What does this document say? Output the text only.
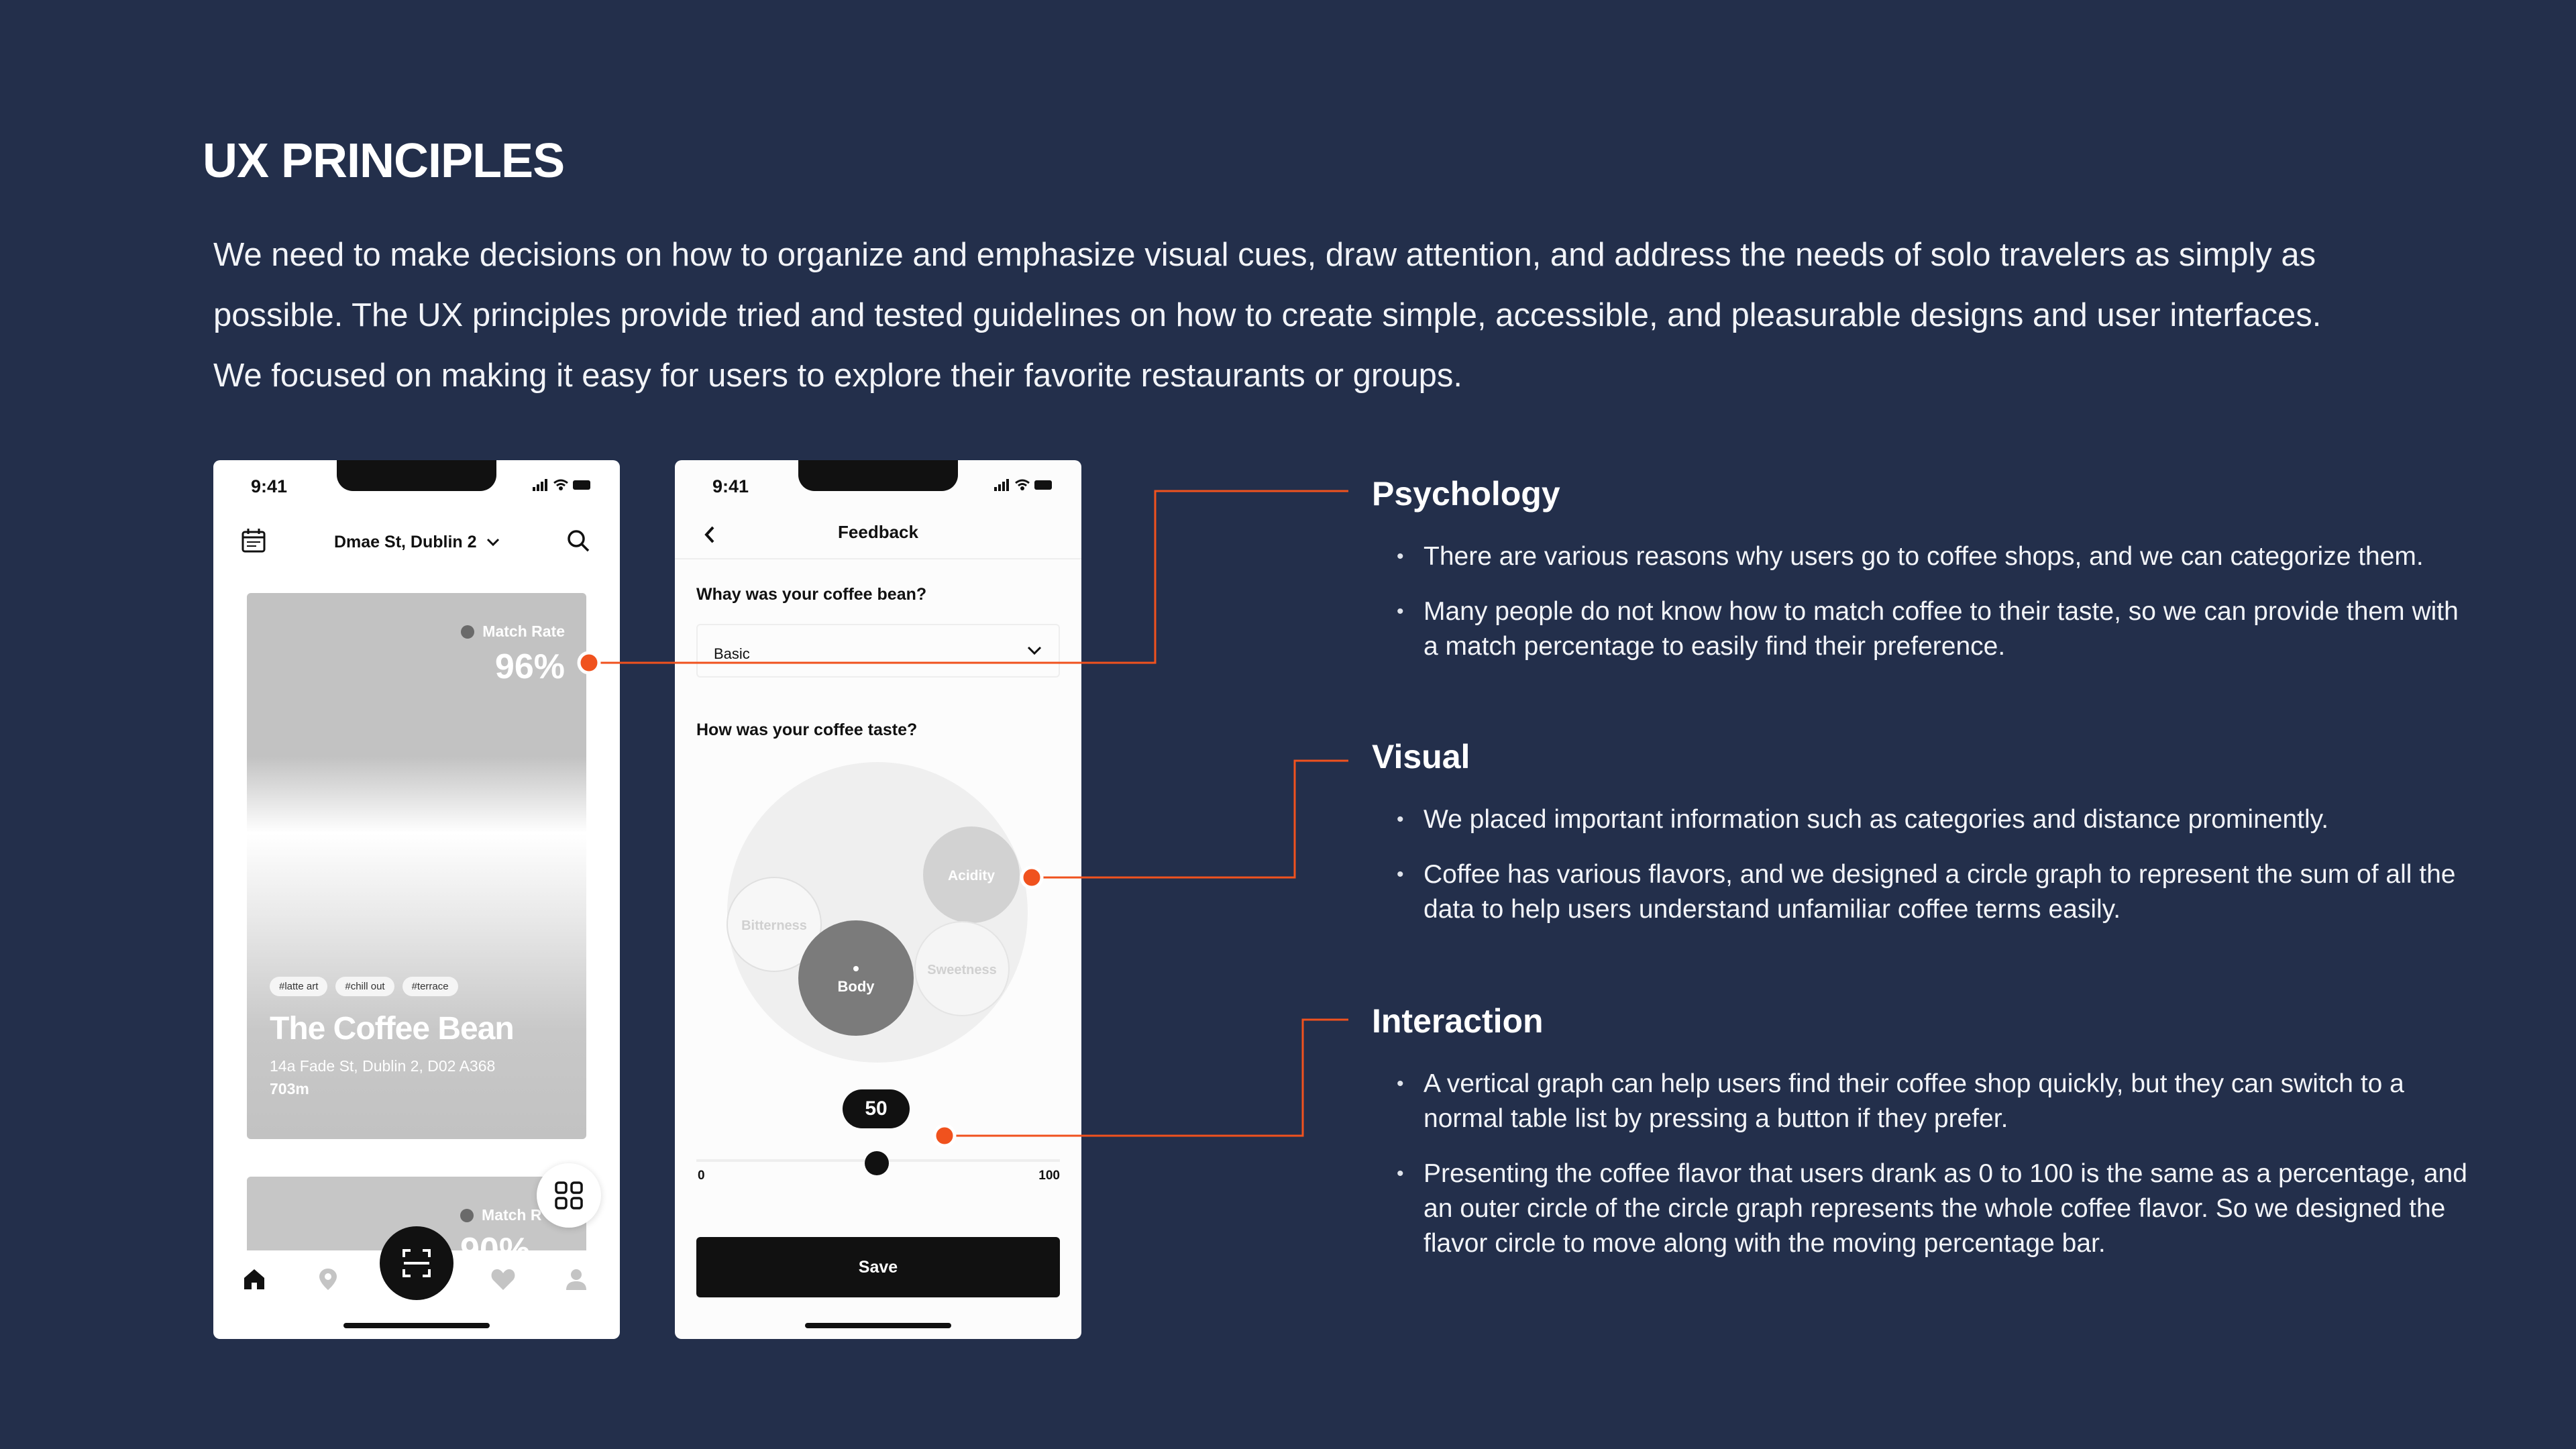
UX PRINCIPLES

We need to make decisions on how to organize and emphasize visual cues, draw attention, and address the needs of solo travelers as simply as

possible. The UX principles provide tried and tested guidelines on how to create simple, accessible, and pleasurable designs and user interfaces.

We focused on making it easy for users to explore their favorite restaurants or groups.

9:41
Dmae St, Dublin 2
Match Rate
96%
#latte art	#chill out	#terrace
The Coffee Bean
14a Fade St, Dublin 2, D02 A368
703m
Match R
9:41
Feedback
Whay was your coffee bean?
Basic
How was your coffee taste?
Acidity
Bitterness
Sweetness
Body
50
0	100
Save
Psychology
• There are various reasons why users go to coffee shops, and we can categorize them.
• Many people do not know how to match coffee to their taste, so we can provide them with a match percentage to easily find their preference.
Visual
• We placed important information such as categories and distance prominently.
• Coffee has various flavors, and we designed a circle graph to represent the sum of all the data to help users understand unfamiliar coffee terms easily.
Interaction
• A vertical graph can help users find their coffee shop quickly, but they can switch to a normal table list by pressing a button if they prefer.
• Presenting the coffee flavor that users drank as 0 to 100 is the same as a percentage, and an outer circle of the circle graph represents the whole coffee flavor. So we designed the flavor circle to move along with the moving percentage bar.
